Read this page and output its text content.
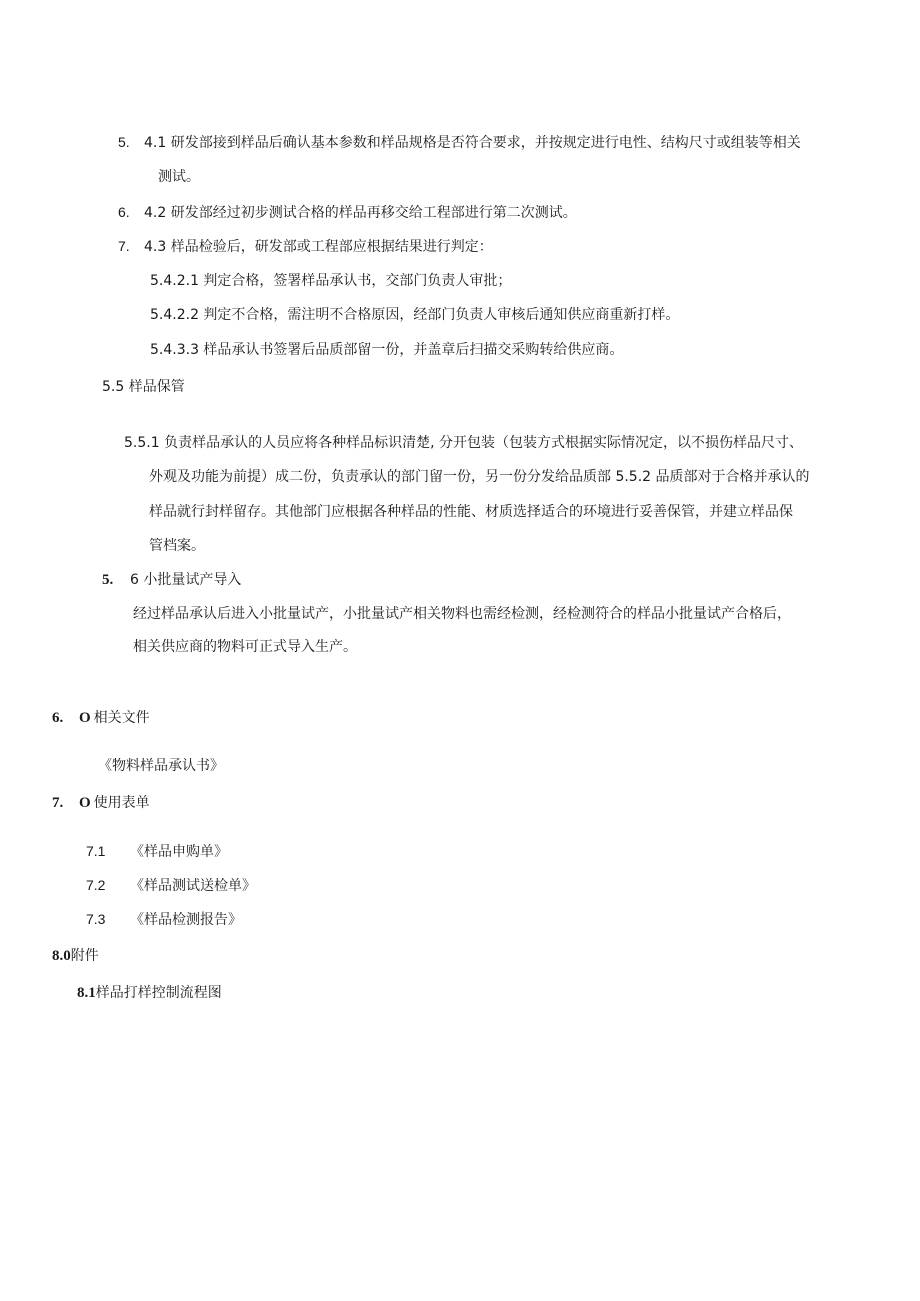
5. 4.1 研发部接到样品后确认基本参数和样品规格是否符合要求，并按规定进行电性、结构尺寸或组装等相关
测试。
6. 4.2 研发部经过初步测试合格的样品再移交给工程部进行第二次测试。
7. 4.3 样品检验后，研发部或工程部应根据结果进行判定：
5.4.2.1 判定合格，签署样品承认书，交部门负责人审批；
5.4.2.2 判定不合格，需注明不合格原因，经部门负责人审核后通知供应商重新打样。
5.4.3.3 样品承认书签署后品质部留一份，并盖章后扫描交采购转给供应商。
5.5 样品保管
5.5.1 负责样品承认的人员应将各种样品标识清楚, 分开包装（包装方式根据实际情况定，以不损伤样品尺寸、
外观及功能为前提）成二份，负责承认的部门留一份，另一份分发给品质部 5.5.2 品质部对于合格并承认的
样品就行封样留存。其他部门应根据各种样品的性能、材质选择适合的环境进行妥善保管，并建立样品保
管档案。
5. 6 小批量试产导入
经过样品承认后进入小批量试产，小批量试产相关物料也需经检测，经检测符合的样品小批量试产合格后，
相关供应商的物料可正式导入生产。
6. O 相关文件
《物料样品承认书》
7. O 使用表单
7.1 《样品申购单》
7.2 《样品测试送检单》
7.3 《样品检测报告》
8.0附件
8.1样品打样控制流程图
